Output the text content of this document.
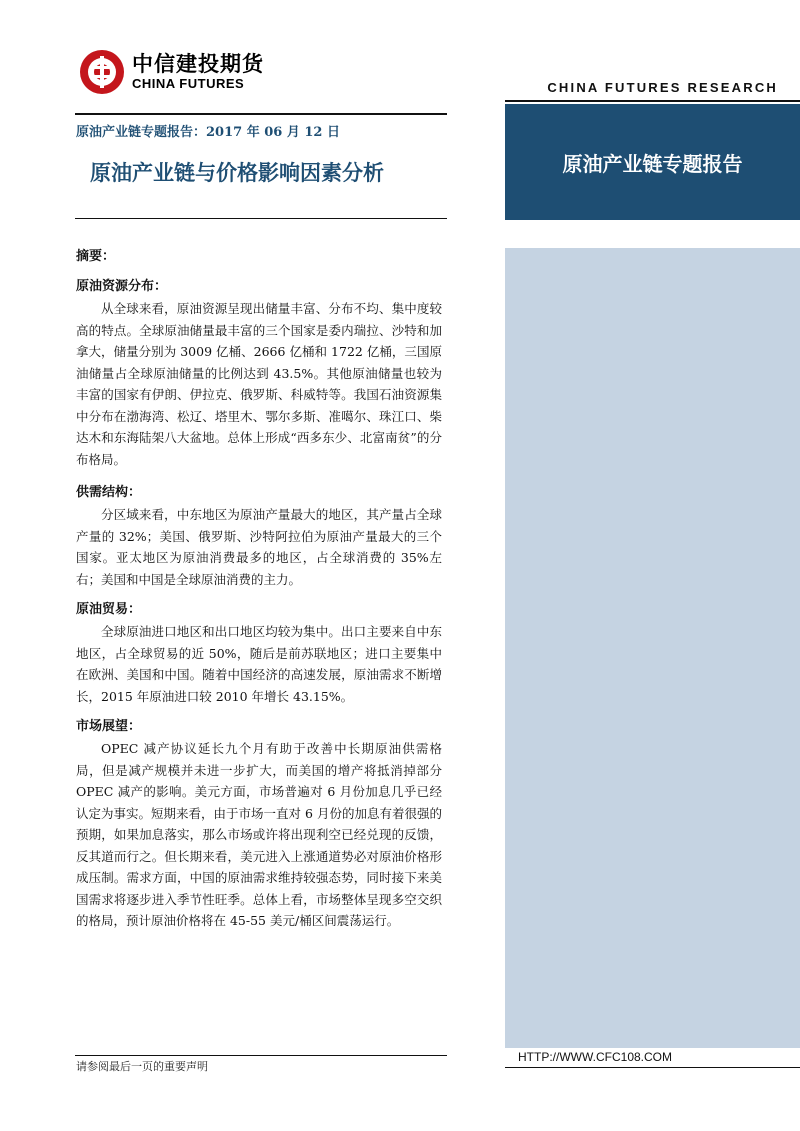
中信建投期货
CHINA FUTURES	CHINA FUTURES RESEARCH
原油产业链专题报告
原油产业链专题报告：2017 年 06 月 12 日
原油产业链与价格影响因素分析
摘要：
原油资源分布：

从全球来看，原油资源呈现出储量丰富、分布不均、集中度较高的特点。全球原油储量最丰富的三个国家是委内瑞拉、沙特和加拿大，储量分别为 3009 亿桶、2666 亿桶和 1722 亿桶，三国原油储量占全球原油储量的比例达到 43.5%。其他原油储量也较为丰富的国家有伊朗、伊拉克、俄罗斯、科威特等。我国石油资源集中分布在渤海湾、松辽、塔里木、鄂尔多斯、准噶尔、珠江口、柴达木和东海陆架八大盆地。总体上形成“西多东少、北富南贫”的分布格局。

供需结构：

分区域来看，中东地区为原油产量最大的地区，其产量占全球产量的 32%；美国、俄罗斯、沙特阿拉伯为原油产量最大的三个国家。亚太地区为原油消费最多的地区，占全球消费的 35%左右；美国和中国是全球原油消费的主力。

原油贸易：

全球原油进口地区和出口地区均较为集中。出口主要来自中东地区，占全球贸易的近 50%，随后是前苏联地区；进口主要集中在欧洲、美国和中国。随着中国经济的高速发展，原油需求不断增长，2015 年原油进口较 2010 年增长 43.15%。

市场展望：

OPEC 减产协议延长九个月有助于改善中长期原油供需格局，但是减产规模并未进一步扩大，而美国的增产将抵消掉部分 OPEC 减产的影响。美元方面，市场普遍对 6 月份加息几乎已经认定为事实。短期来看，由于市场一直对 6 月份的加息有着很强的预期，如果加息落实，那么市场或许将出现利空已经兑现的反馈，反其道而行之。但长期来看，美元进入上涨通道势必对原油价格形成压制。需求方面，中国的原油需求维持较强态势，同时接下来美国需求将逐步进入季节性旺季。总体上看，市场整体呈现多空交织的格局，预计原油价格将在 45-55 美元/桶区间震荡运行。

HTTP://WWW.CFC108.COM
请参阅最后一页的重要声明
